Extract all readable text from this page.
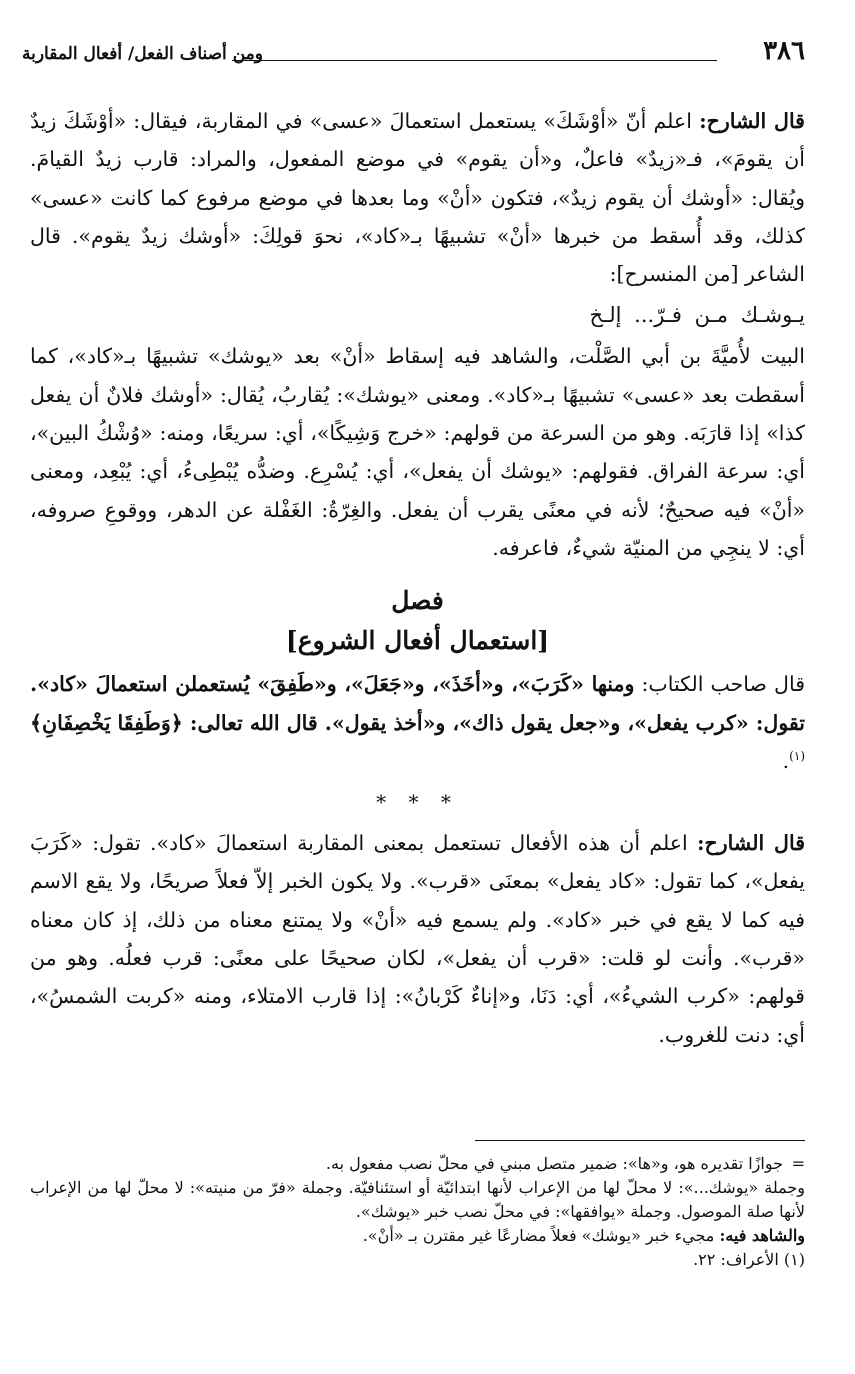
٣٨٦
ومن أصناف الفعل/ أفعال المقاربة

قال الشارح: اعلم أنّ «أوْشَكَ» يستعمل استعمالَ «عسى» في المقاربة، فيقال: «أوْشَكَ زيدٌ أن يقومَ»، فـ«زيدٌ» فاعلٌ، و«أن يقوم» في موضع المفعول، والمراد: قارب زيدٌ القيامَ. ويُقال: «أوشك أن يقوم زيدٌ»، فتكون «أنْ» وما بعدها في موضع مرفوع كما كانت «عسى» كذلك، وقد أُسقط من خبرها «أنْ» تشبيهًا بـ«كاد»، نحوَ قولِكَ: «أوشك زيدٌ يقوم». قال الشاعر [من المنسرح]:

يـوشـك مـن فـرّ... إلـخ

البيت لأُميَّةَ بن أبي الصَّلْت، والشاهد فيه إسقاط «أنْ» بعد «يوشك» تشبيهًا بـ«كاد»، كما أسقطت بعد «عسى» تشبيهًا بـ«كاد». ومعنى «يوشك»: يُقاربُ، يُقال: «أوشك فلانٌ أن يفعل كذا» إذا قارَبَه. وهو من السرعة من قولهم: «خرج وَشِيكًا»، أي: سريعًا، ومنه: «وُشْكُ البين»، أي: سرعة الفراق. فقولهم: «يوشك أن يفعل»، أي: يُسْرِع. وضدُّه يُبْطِىءُ، أي: يُبْعِد، ومعنى «أنْ» فيه صحيحٌ؛ لأنه في معنًى يقرب أن يفعل. والغِرّةُ: الغَفْلة عن الدهر، ووقوعِ صروفه، أي: لا ينجِي من المنيّة شيءٌ، فاعرفه.

فصل
[استعمال أفعال الشروع]

قال صاحب الكتاب: ومنها «كَرَبَ»، و«أخَذَ»، و«جَعَلَ»، و«طَفِقَ» يُستعملن استعمالَ «كاد». تقول: «كرب يفعل»، و«جعل يقول ذاك»، و«أخذ يقول». قال الله تعالى: ﴿وَطَفِقَا يَخْصِفَانِ﴾$^{(١)}$.

* * *

قال الشارح: اعلم أن هذه الأفعال تستعمل بمعنى المقاربة استعمالَ «كاد». تقول: «كَرَبَ يفعل»، كما تقول: «كاد يفعل» بمعنَى «قرب». ولا يكون الخبر إلاّ فعلاً صريحًا، ولا يقع الاسم فيه كما لا يقع في خبر «كاد». ولم يسمع فيه «أنْ» ولا يمتنع معناه من ذلك، إذ كان معناه «قرب». وأنت لو قلت: «قرب أن يفعل»، لكان صحيحًا على معنًى: قرب فعلُه. وهو من قولهم: «كرب الشيءُ»، أي: دَنَا، و«إناءٌ كَرْبانُ»: إذا قارب الامتلاء، ومنه «كربت الشمسُ»، أي: دنت للغروب.

=جوازًا تقديره هو، و«ها»: ضمير متصل مبني في محلّ نصب مفعول به.

وجملة «يوشك...»: لا محلّ لها من الإعراب لأنها ابتدائيّة أو استئنافيّة. وجملة «فرّ من منيته»: لا محلّ لها من الإعراب لأنها صلة الموصول. وجملة «يوافقها»: في محلّ نصب خبر «يوشك».

والشاهد فيه: مجيء خبر «يوشك» فعلاً مضارعًا غير مقترن بـ «أنْ».

(١) الأعراف: ٢٢.
